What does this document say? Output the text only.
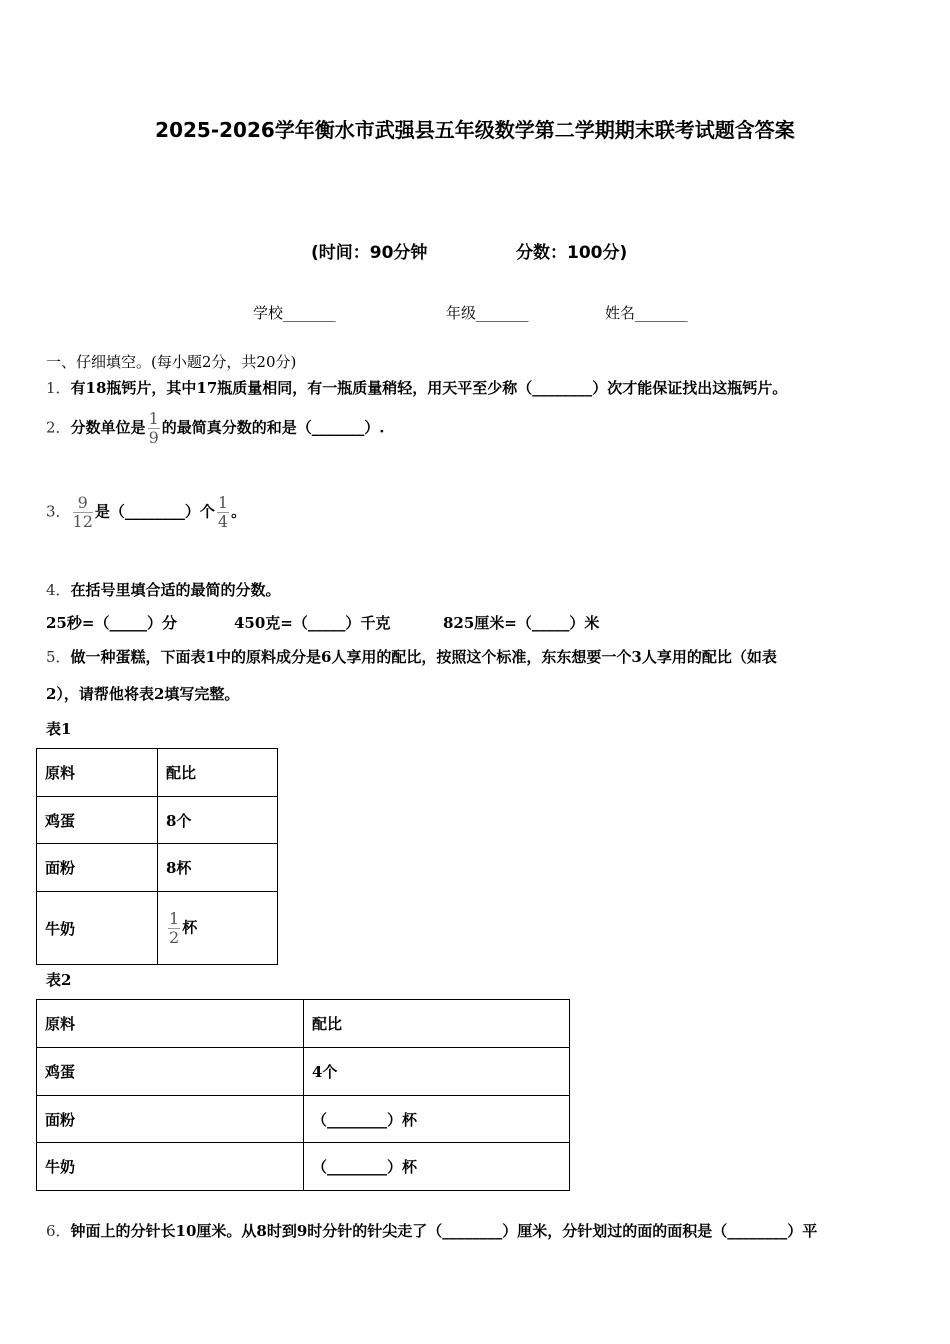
2025-2026学年衡水市武强县五年级数学第二学期期末联考试题含答案
(时间：90分钟	分数：100分)
学校_______	年级_______	姓名_______
一、仔细填空。(每小题2分，共20分)
1．有18瓶钙片，其中17瓶质量相同，有一瓶质量稍轻，用天平至少称（________）次才能保证找出这瓶钙片。
2．分数单位是 $\frac{1}{9}$ 的最简真分数的和是（_______）.
3． $\frac{9}{12}$ 是（________）个 $\frac{1}{4}$ 。
4．在括号里填合适的最简的分数。
25秒=（_____）分	450克=（_____）千克	825厘米=（_____）米
5．做一种蛋糕，下面表1中的原料成分是6人享用的配比，按照这个标准，东东想要一个3人享用的配比（如表
2），请帮他将表2填写完整。
表1
原料	配比
鸡蛋	8个
面粉	8杯
牛奶	$\frac{1}{2}$ 杯
表2
原料	配比
鸡蛋	4个
面粉	（________）杯
牛奶	（________）杯
6．钟面上的分针长10厘米。从8时到9时分针的针尖走了（________）厘米，分针划过的面的面积是（________）平
